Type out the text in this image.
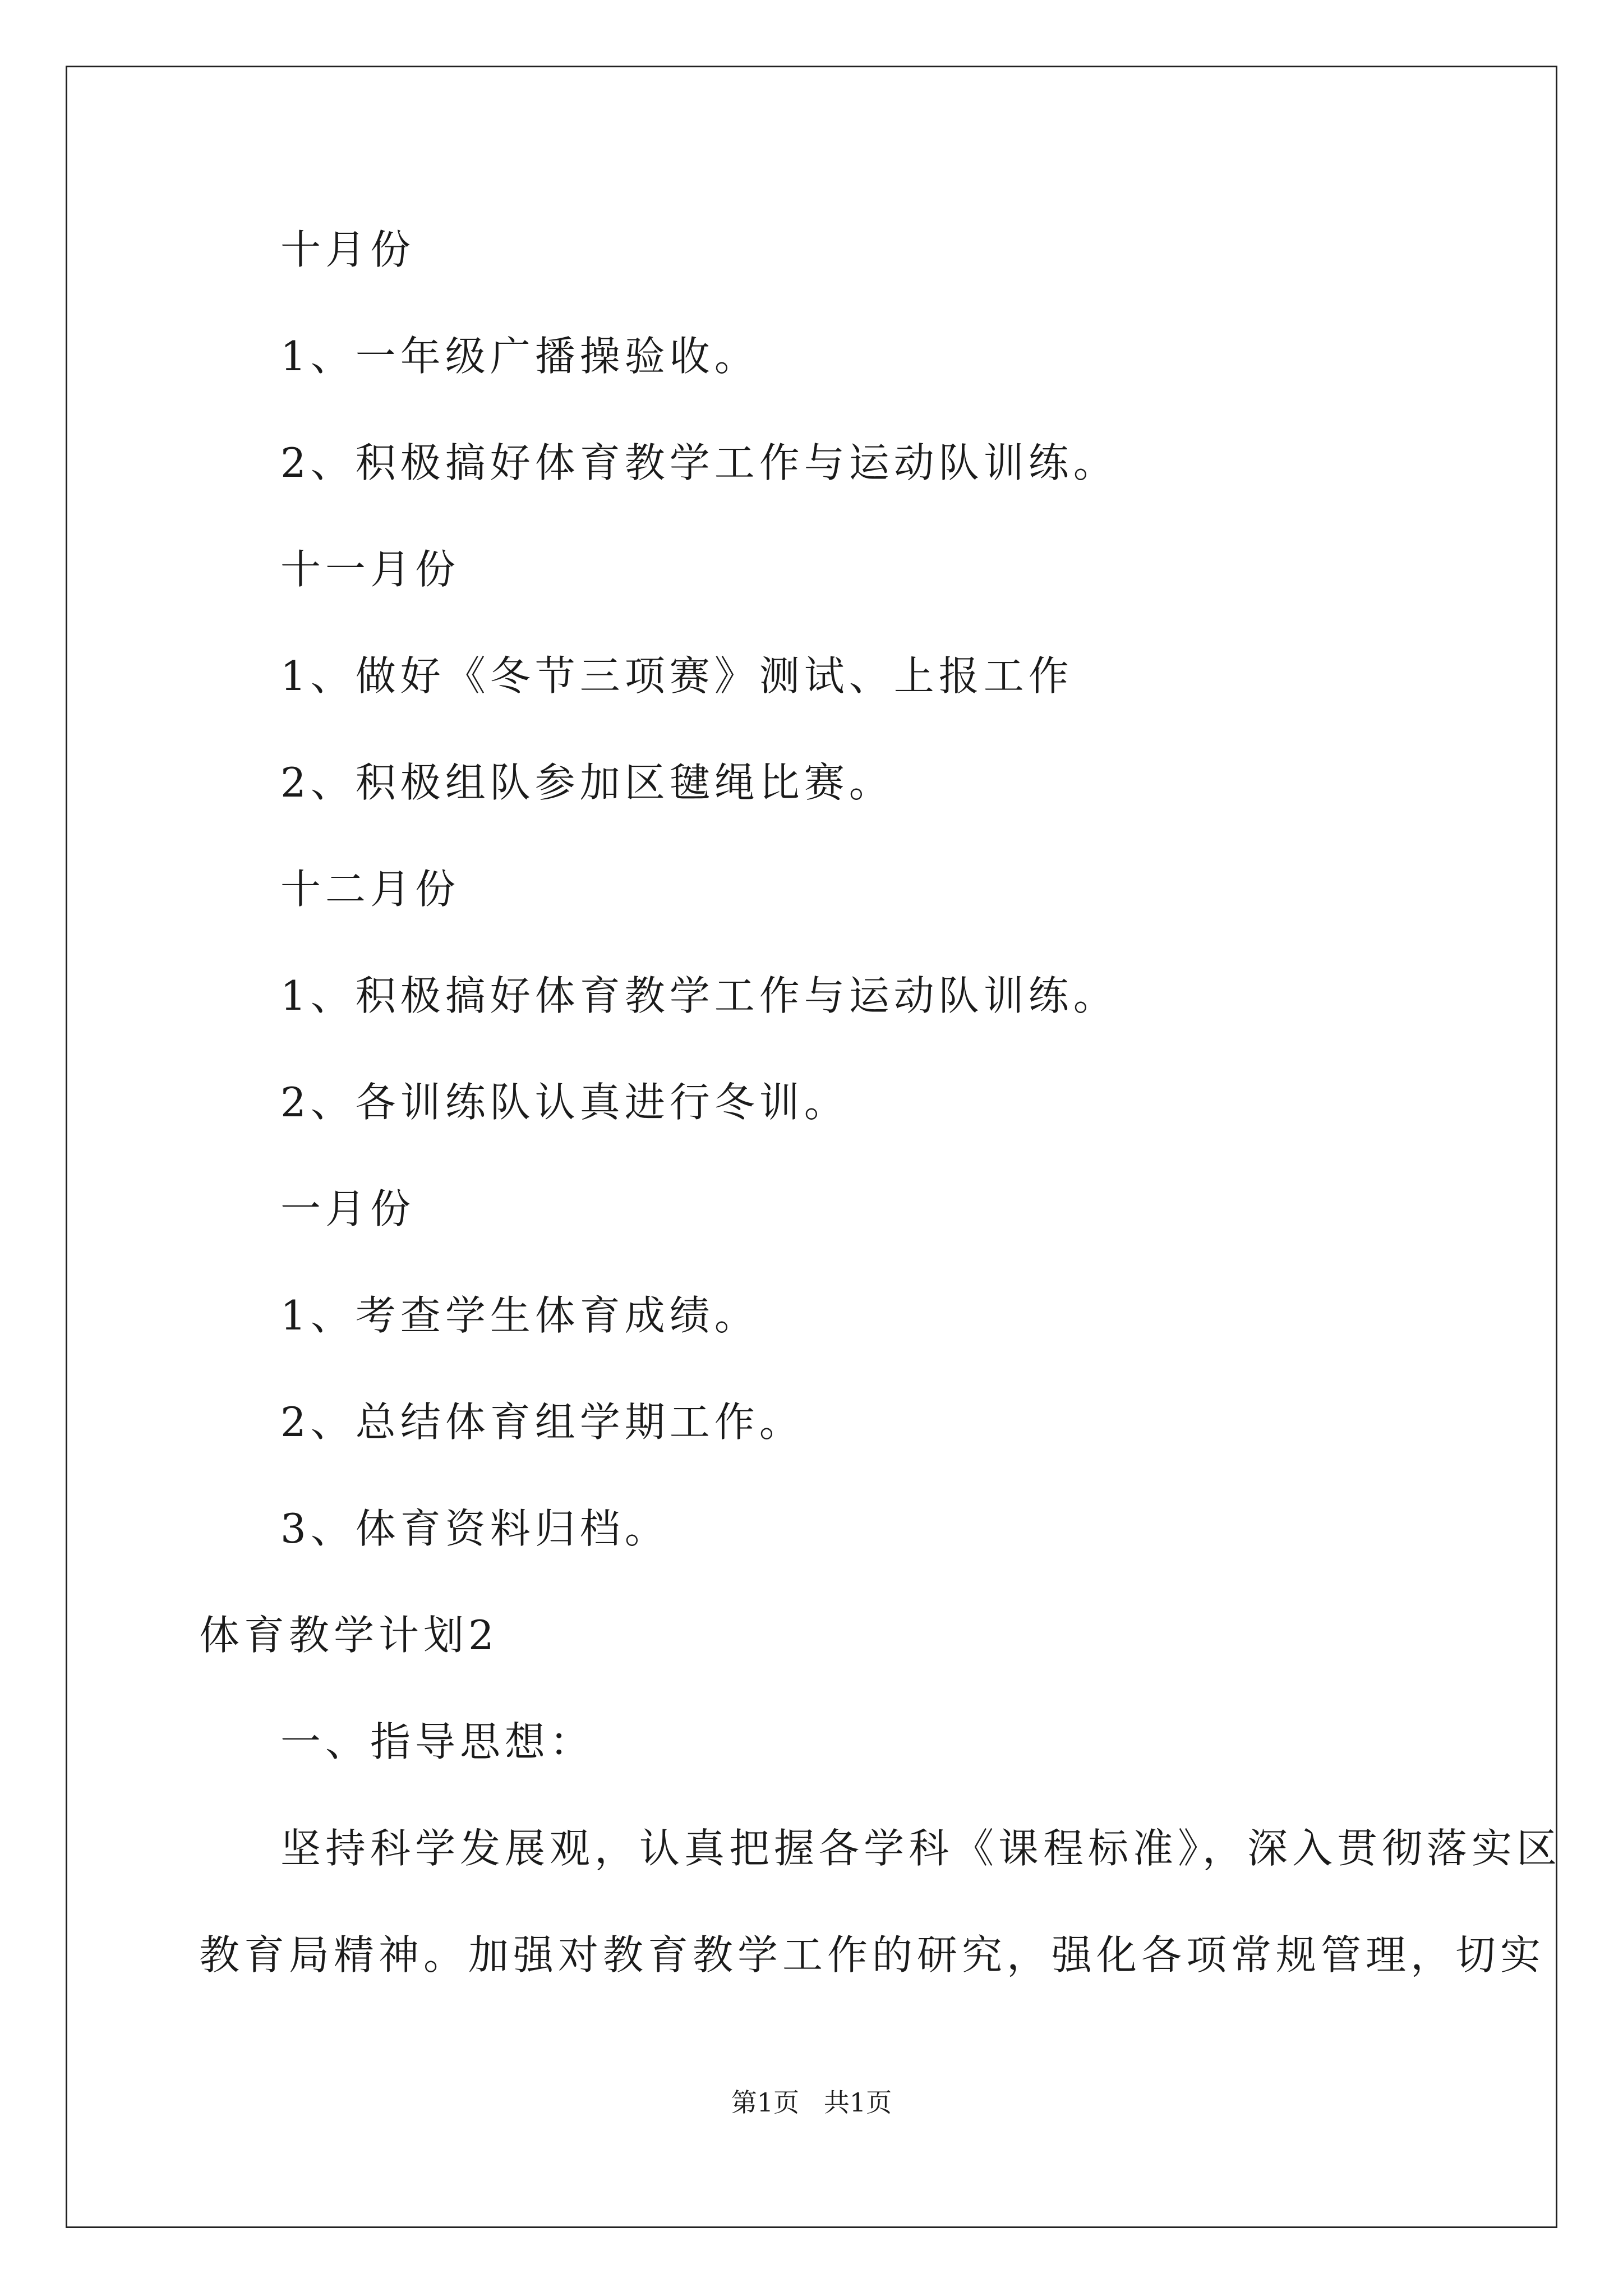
十月份
1、一年级广播操验收。
2、积极搞好体育教学工作与运动队训练。
十一月份
1、做好《冬节三项赛》测试、上报工作
2、积极组队参加区毽绳比赛。
十二月份
1、积极搞好体育教学工作与运动队训练。
2、各训练队认真进行冬训。
一月份
1、考查学生体育成绩。
2、总结体育组学期工作。
3、体育资料归档。
体育教学计划2
一、指导思想：
坚持科学发展观，认真把握各学科《课程标准》，深入贯彻落实区
教育局精神。加强对教育教学工作的研究，强化各项常规管理，切实
第1页   共1页
